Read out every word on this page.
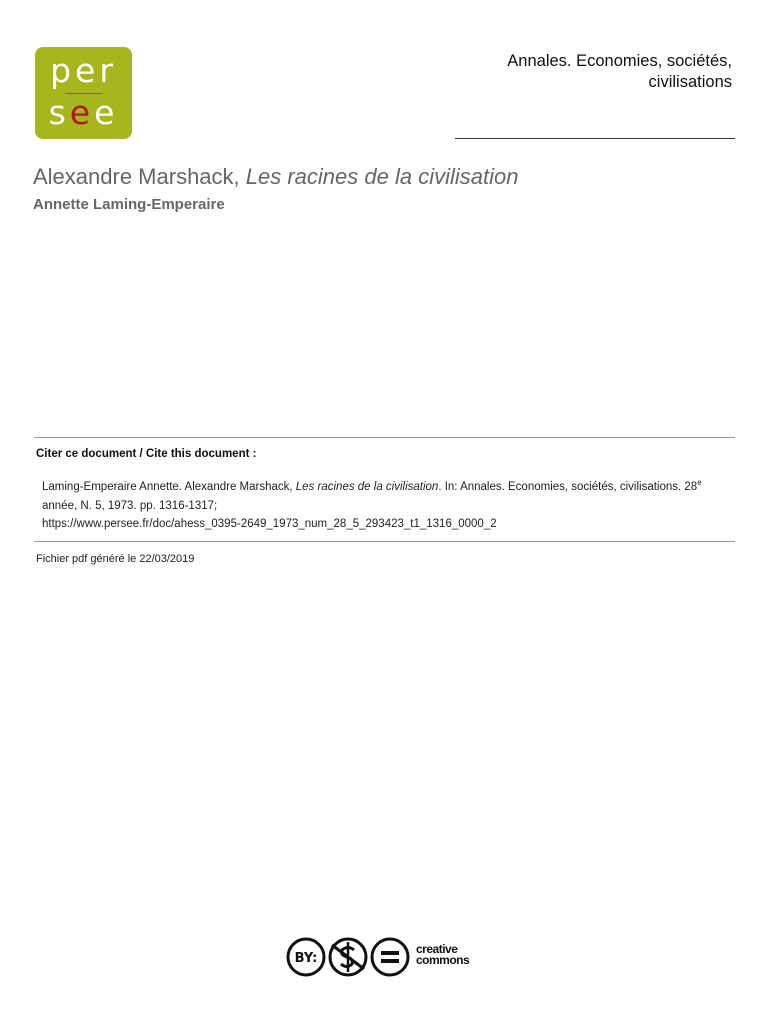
per
see
Annales. Economies, sociétés,
civilisations
Alexandre Marshack, Les racines de la civilisation
Annette Laming-Emperaire
Citer ce document / Cite this document :
Laming-Emperaire Annette. Alexandre Marshack, Les racines de la civilisation. In: Annales. Economies, sociétés, civilisations. 28e année, N. 5, 1973. pp. 1316-1317;
https://www.persee.fr/doc/ahess_0395-2649_1973_num_28_5_293423_t1_1316_0000_2
Fichier pdf généré le 22/03/2019
BY:
creative
commons
